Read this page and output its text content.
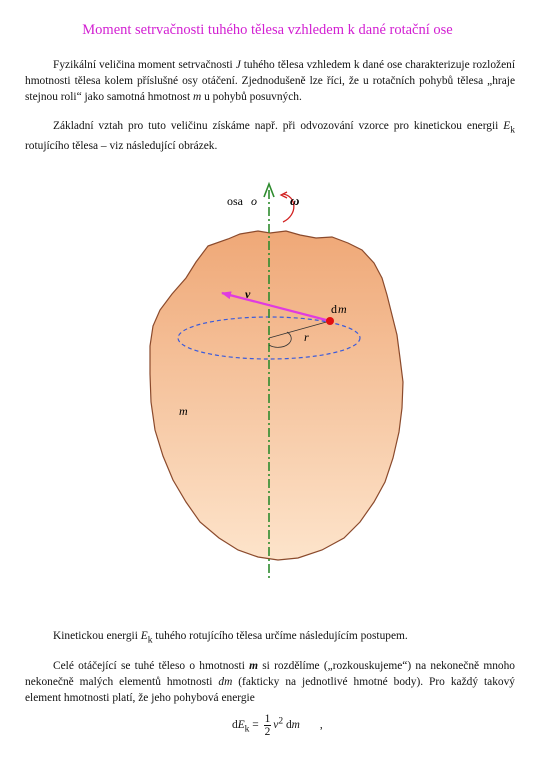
Moment setrvačnosti tuhého tělesa vzhledem k dané rotační ose
Fyzikální veličina moment setrvačnosti J tuhého tělesa vzhledem k dané ose charakterizuje rozložení hmotnosti tělesa kolem příslušné osy otáčení. Zjednodušeně lze říci, že u rotačních pohybů tělesa „hraje stejnou roli“ jako samotná hmotnost m u pohybů posuvných.
Základní vztah pro tuto veličinu získáme např. při odvozování vzorce pro kinetickou energii $E_k$ rotujícího tělesa – viz následující obrázek.
osa o	ω
v
d m
r
m
Kinetickou energii $E_k$ tuhého rotujícího tělesa určíme následujícím postupem.
Celé otáčející se tuhé těleso o hmotnosti m si rozdělíme („rozkouskujeme“) na nekonečně mnoho nekonečně malých elementů hmotnosti dm (fakticky na jednotlivé hmotné body). Pro každý takový element hmotnosti platí, že jeho pohybová energie
$dE_k = \frac{1}{2} v^2$ dm ,
